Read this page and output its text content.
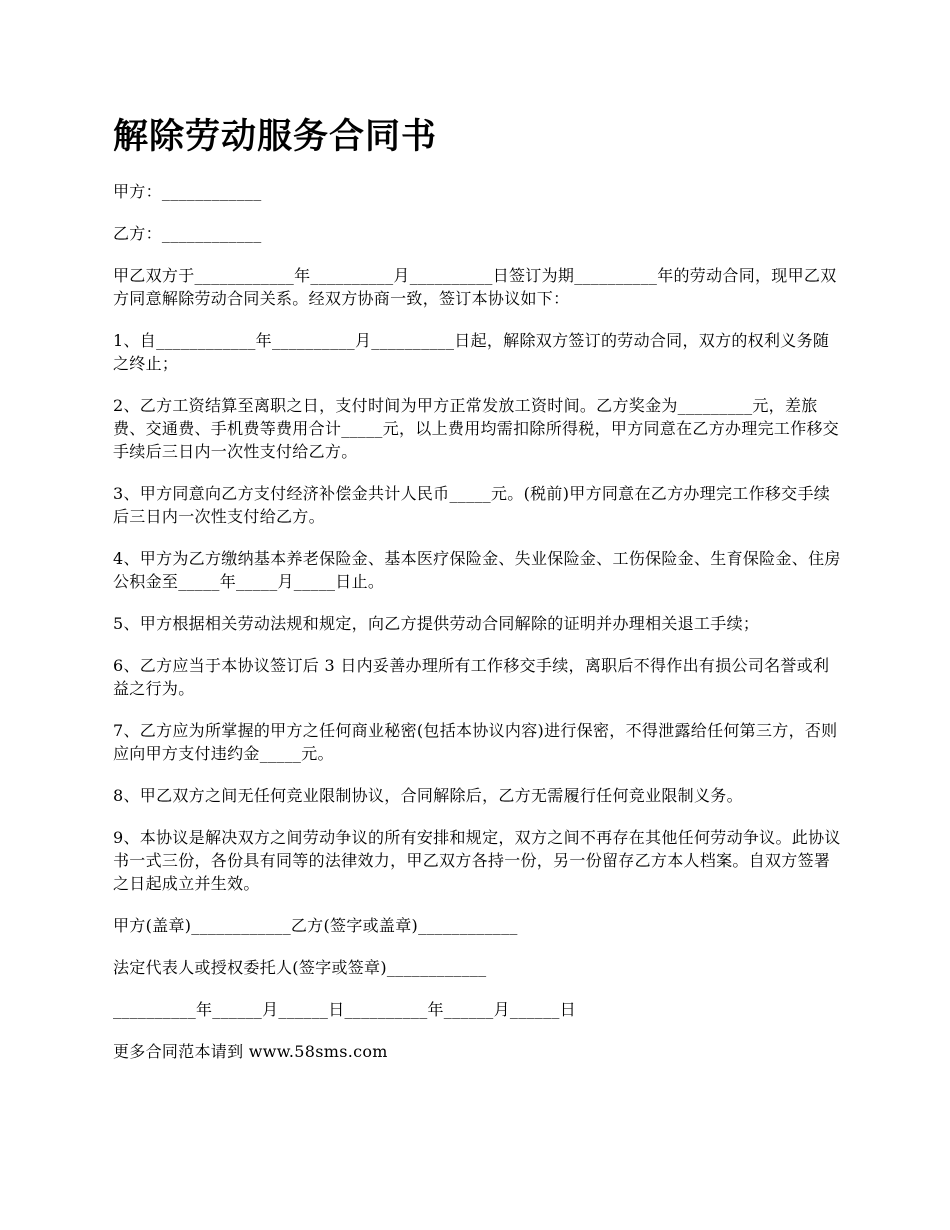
解除劳动服务合同书

甲方：____________

乙方：____________

甲乙双方于____________年__________月__________日签订为期__________年的劳动合同，现甲乙双方同意解除劳动合同关系。经双方协商一致，签订本协议如下：

1、自____________年__________月__________日起，解除双方签订的劳动合同，双方的权利义务随之终止；

2、乙方工资结算至离职之日，支付时间为甲方正常发放工资时间。乙方奖金为_________元，差旅费、交通费、手机费等费用合计_____元，以上费用均需扣除所得税，甲方同意在乙方办理完工作移交手续后三日内一次性支付给乙方。

3、甲方同意向乙方支付经济补偿金共计人民币_____元。(税前)甲方同意在乙方办理完工作移交手续后三日内一次性支付给乙方。

4、甲方为乙方缴纳基本养老保险金、基本医疗保险金、失业保险金、工伤保险金、生育保险金、住房公积金至_____年_____月_____日止。

5、甲方根据相关劳动法规和规定，向乙方提供劳动合同解除的证明并办理相关退工手续；

6、乙方应当于本协议签订后 3 日内妥善办理所有工作移交手续，离职后不得作出有损公司名誉或利益之行为。

7、乙方应为所掌握的甲方之任何商业秘密(包括本协议内容)进行保密，不得泄露给任何第三方，否则应向甲方支付违约金_____元。

8、甲乙双方之间无任何竞业限制协议，合同解除后，乙方无需履行任何竞业限制义务。

9、本协议是解决双方之间劳动争议的所有安排和规定，双方之间不再存在其他任何劳动争议。此协议书一式三份，各份具有同等的法律效力，甲乙双方各持一份，另一份留存乙方本人档案。自双方签署之日起成立并生效。

甲方(盖章)____________乙方(签字或盖章)____________

法定代表人或授权委托人(签字或签章)____________

__________年______月______日__________年______月______日

更多合同范本请到 www.58sms.com
